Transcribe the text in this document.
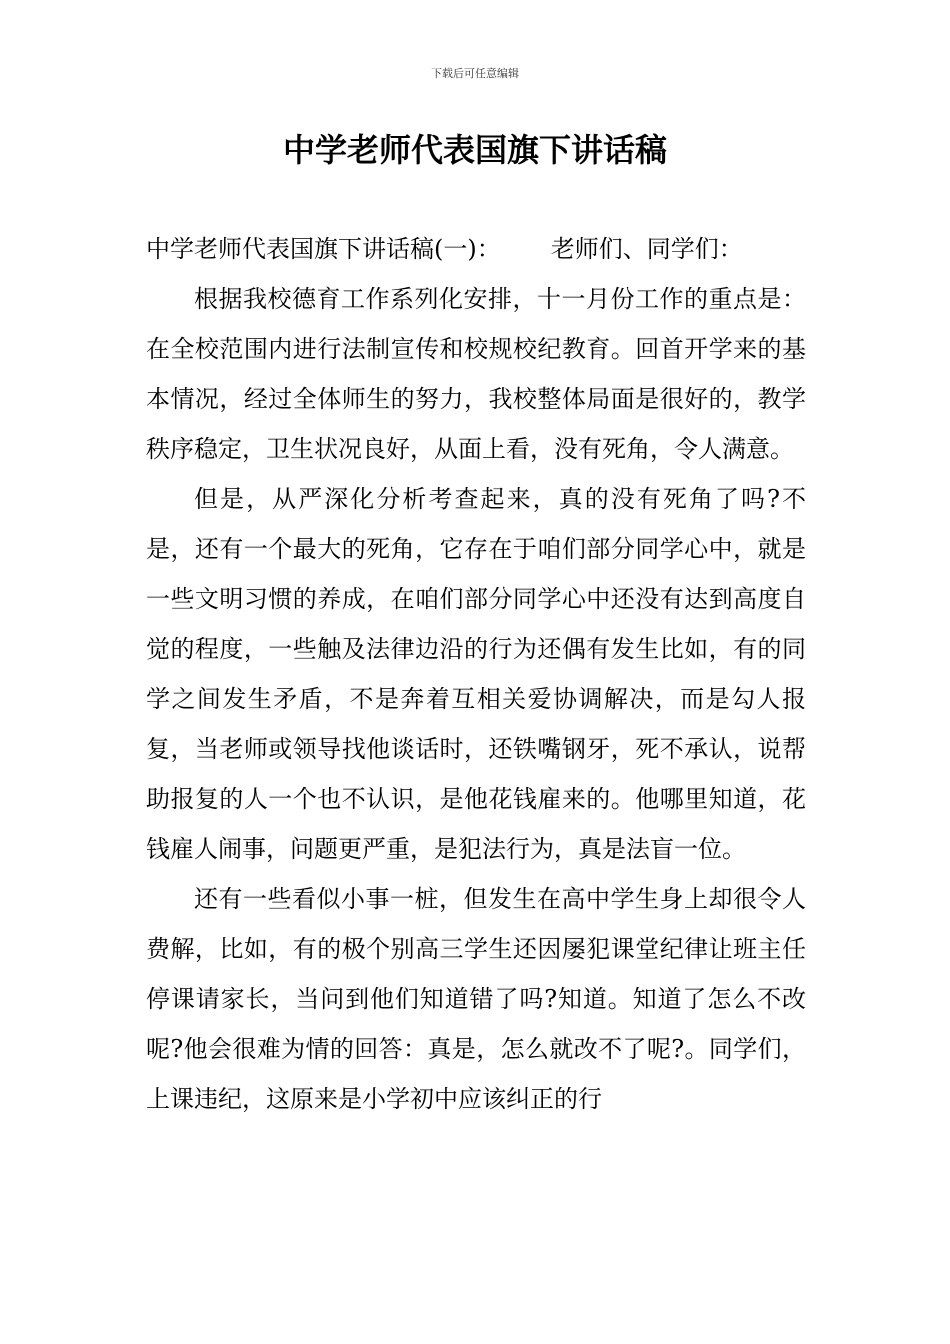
下载后可任意编辑
中学老师代表国旗下讲话稿

中学老师代表国旗下讲话稿(一)： 老师们、同学们：

根据我校德育工作系列化安排，十一月份工作的重点是：在全校范围内进行法制宣传和校规校纪教育。回首开学来的基本情况，经过全体师生的努力，我校整体局面是很好的，教学秩序稳定，卫生状况良好，从面上看，没有死角，令人满意。

但是，从严深化分析考查起来，真的没有死角了吗?不是，还有一个最大的死角，它存在于咱们部分同学心中，就是一些文明习惯的养成，在咱们部分同学心中还没有达到高度自觉的程度，一些触及法律边沿的行为还偶有发生比如，有的同学之间发生矛盾，不是奔着互相关爱协调解决，而是勾人报复，当老师或领导找他谈话时，还铁嘴钢牙，死不承认，说帮助报复的人一个也不认识，是他花钱雇来的。他哪里知道，花钱雇人闹事，问题更严重，是犯法行为，真是法盲一位。

还有一些看似小事一桩，但发生在高中学生身上却很令人费解，比如，有的极个别高三学生还因屡犯课堂纪律让班主任停课请家长，当问到他们知道错了吗?知道。知道了怎么不改呢?他会很难为情的回答：真是，怎么就改不了呢?。同学们，上课违纪，这原来是小学初中应该纠正的行
